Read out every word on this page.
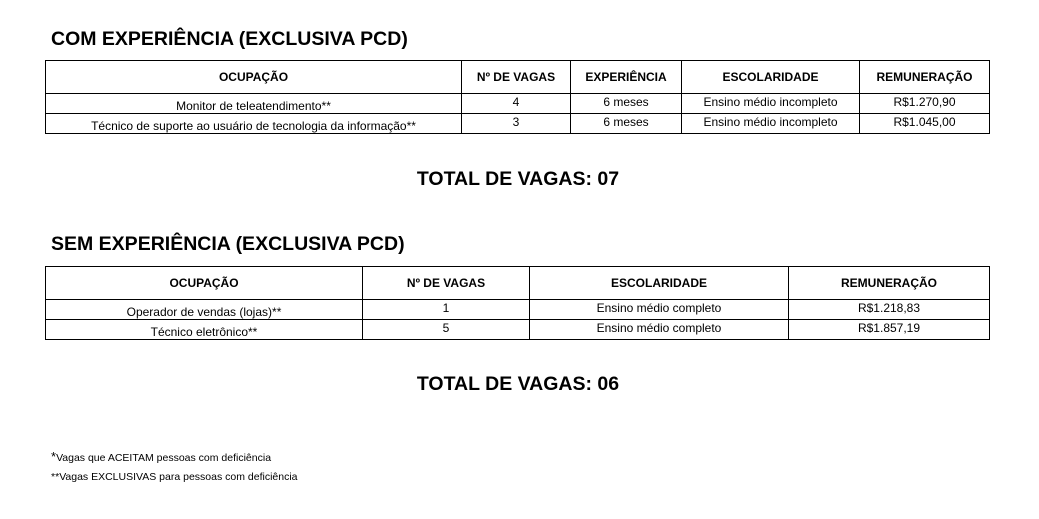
COM EXPERIÊNCIA (EXCLUSIVA PCD)
OCUPAÇÃO	Nº DE VAGAS	EXPERIÊNCIA	ESCOLARIDADE	REMUNERAÇÃO
Monitor de teleatendimento**	4	6 meses	Ensino médio incompleto	R$1.270,90
Técnico de suporte ao usuário de tecnologia da informação**	3	6 meses	Ensino médio incompleto	R$1.045,00
TOTAL DE VAGAS: 07
SEM EXPERIÊNCIA (EXCLUSIVA PCD)
OCUPAÇÃO	Nº DE VAGAS	ESCOLARIDADE	REMUNERAÇÃO
Operador de vendas (lojas)**	1	Ensino médio completo	R$1.218,83
Técnico eletrônico**	5	Ensino médio completo	R$1.857,19
TOTAL DE VAGAS: 06
*Vagas que ACEITAM pessoas com deficiência
**Vagas EXCLUSIVAS para pessoas com deficiência
